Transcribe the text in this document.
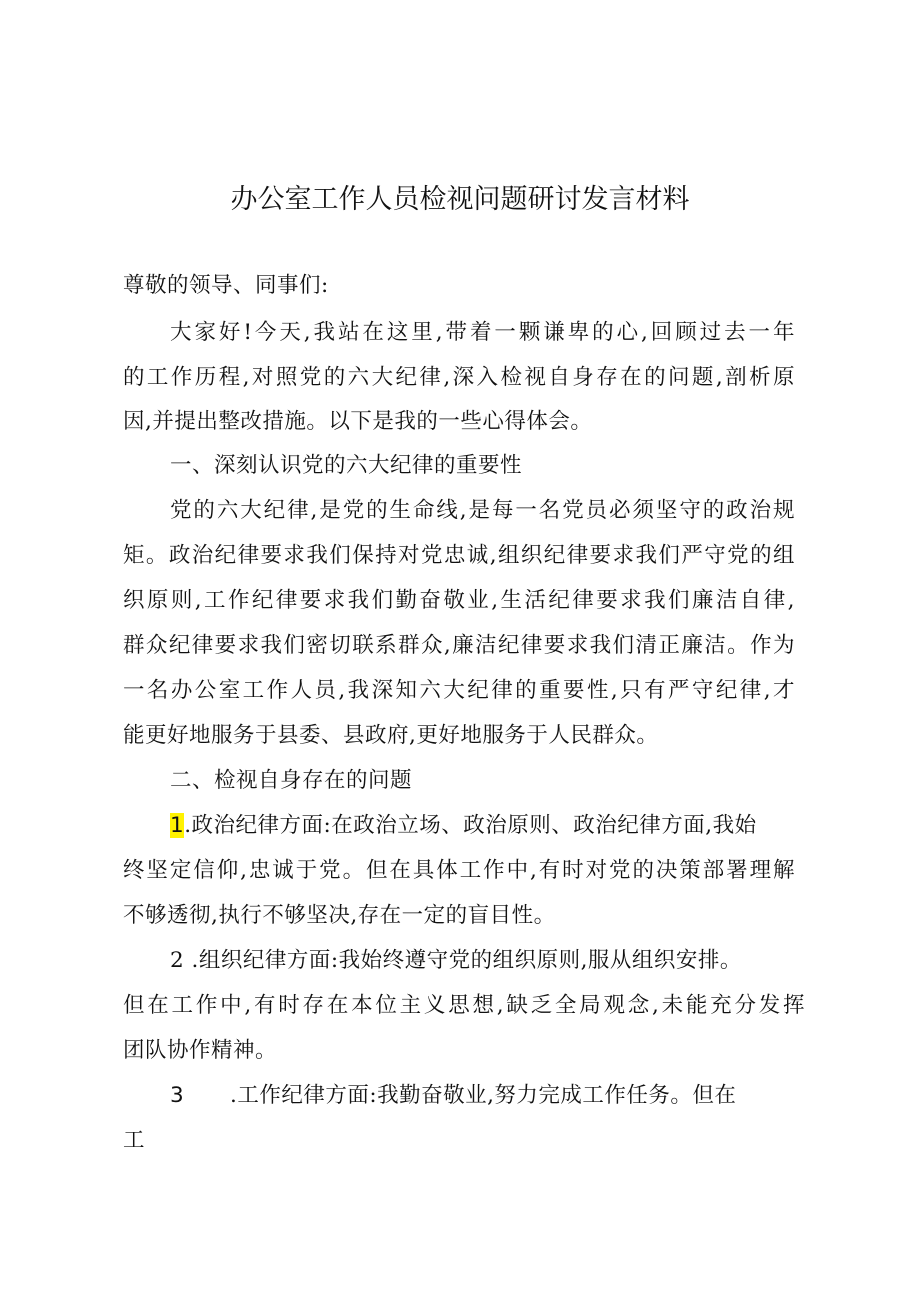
办公室工作人员检视问题研讨发言材料
尊敬的领导、同事们:
大家好!今天,我站在这里,带着一颗谦卑的心,回顾过去一年
的工作历程,对照党的六大纪律,深入检视自身存在的问题,剖析原
因,并提出整改措施。以下是我的一些心得体会。
一、深刻认识党的六大纪律的重要性
党的六大纪律,是党的生命线,是每一名党员必须坚守的政治规
矩。政治纪律要求我们保持对党忠诚,组织纪律要求我们严守党的组
织原则,工作纪律要求我们勤奋敬业,生活纪律要求我们廉洁自律,
群众纪律要求我们密切联系群众,廉洁纪律要求我们清正廉洁。作为
一名办公室工作人员,我深知六大纪律的重要性,只有严守纪律,才
能更好地服务于县委、县政府,更好地服务于人民群众。
二、检视自身存在的问题
1.政治纪律方面:在政治立场、政治原则、政治纪律方面,我始
终坚定信仰,忠诚于党。但在具体工作中,有时对党的决策部署理解
不够透彻,执行不够坚决,存在一定的盲目性。
2 .组织纪律方面:我始终遵守党的组织原则,服从组织安排。
但在工作中,有时存在本位主义思想,缺乏全局观念,未能充分发挥
团队协作精神。
3 .工作纪律方面:我勤奋敬业,努力完成工作任务。但在
工
